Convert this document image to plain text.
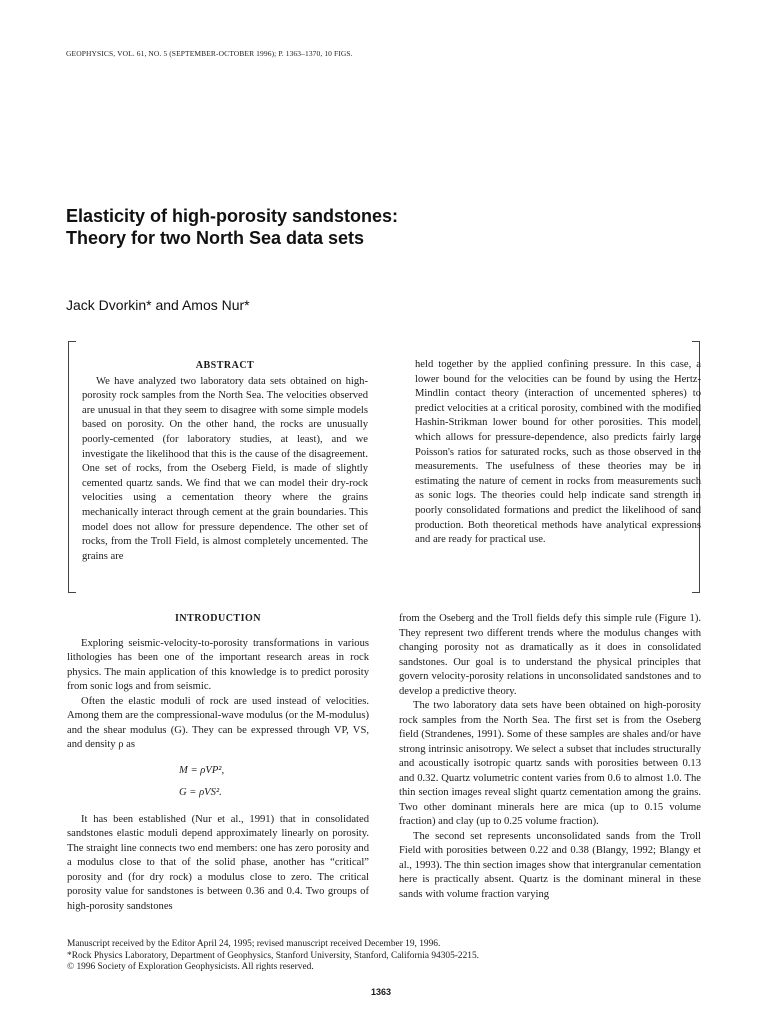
GEOPHYSICS, VOL. 61, NO. 5 (SEPTEMBER-OCTOBER 1996); P. 1363–1370, 10 FIGS.
Elasticity of high-porosity sandstones:
Theory for two North Sea data sets
Jack Dvorkin* and Amos Nur*
ABSTRACT

We have analyzed two laboratory data sets obtained on high-porosity rock samples from the North Sea. The velocities observed are unusual in that they seem to disagree with some simple models based on porosity. On the other hand, the rocks are unusually poorly-cemented (for laboratory studies, at least), and we investigate the likelihood that this is the cause of the disagreement. One set of rocks, from the Oseberg Field, is made of slightly cemented quartz sands. We find that we can model their dry-rock velocities using a cementation theory where the grains mechanically interact through cement at the grain boundaries. This model does not allow for pressure dependence. The other set of rocks, from the Troll Field, is almost completely uncemented. The grains are

held together by the applied confining pressure. In this case, a lower bound for the velocities can be found by using the Hertz-Mindlin contact theory (interaction of uncemented spheres) to predict velocities at a critical porosity, combined with the modified Hashin-Strikman lower bound for other porosities. This model, which allows for pressure-dependence, also predicts fairly large Poisson's ratios for saturated rocks, such as those observed in the measurements. The usefulness of these theories may be in estimating the nature of cement in rocks from measurements such as sonic logs. The theories could help indicate sand strength in poorly consolidated formations and predict the likelihood of sand production. Both theoretical methods have analytical expressions and are ready for practical use.

INTRODUCTION

Exploring seismic-velocity-to-porosity transformations in various lithologies has been one of the important research areas in rock physics. The main application of this knowledge is to predict porosity from sonic logs and from seismic.

Often the elastic moduli of rock are used instead of velocities. Among them are the compressional-wave modulus (or the M-modulus) and the shear modulus (G). They can be expressed through VP, VS, and density ρ as

M = ρVP²,
G = ρVS².

It has been established (Nur et al., 1991) that in consolidated sandstones elastic moduli depend approximately linearly on porosity. The straight line connects two end members: one has zero porosity and a modulus close to that of the solid phase, another has “critical” porosity and (for dry rock) a modulus close to zero. The critical porosity value for sandstones is between 0.36 and 0.4. Two groups of high-porosity sandstones

from the Oseberg and the Troll fields defy this simple rule (Figure 1). They represent two different trends where the modulus changes with changing porosity not as dramatically as it does in consolidated sandstones. Our goal is to understand the physical principles that govern velocity-porosity relations in unconsolidated sandstones and to develop a predictive theory.

The two laboratory data sets have been obtained on high-porosity rock samples from the North Sea. The first set is from the Oseberg field (Strandenes, 1991). Some of these samples are shales and/or have strong intrinsic anisotropy. We select a subset that includes structurally and acoustically isotropic quartz sands with porosities between 0.13 and 0.32. Quartz volumetric content varies from 0.6 to almost 1.0. The thin section images reveal slight quartz cementation among the grains. Two other dominant minerals here are mica (up to 0.15 volume fraction) and clay (up to 0.25 volume fraction).

The second set represents unconsolidated sands from the Troll Field with porosities between 0.22 and 0.38 (Blangy, 1992; Blangy et al., 1993). The thin section images show that intergranular cementation here is practically absent. Quartz is the dominant mineral in these sands with volume fraction varying

Manuscript received by the Editor April 24, 1995; revised manuscript received December 19, 1996.
*Rock Physics Laboratory, Department of Geophysics, Stanford University, Stanford, California 94305-2215.
© 1996 Society of Exploration Geophysicists. All rights reserved.
1363
